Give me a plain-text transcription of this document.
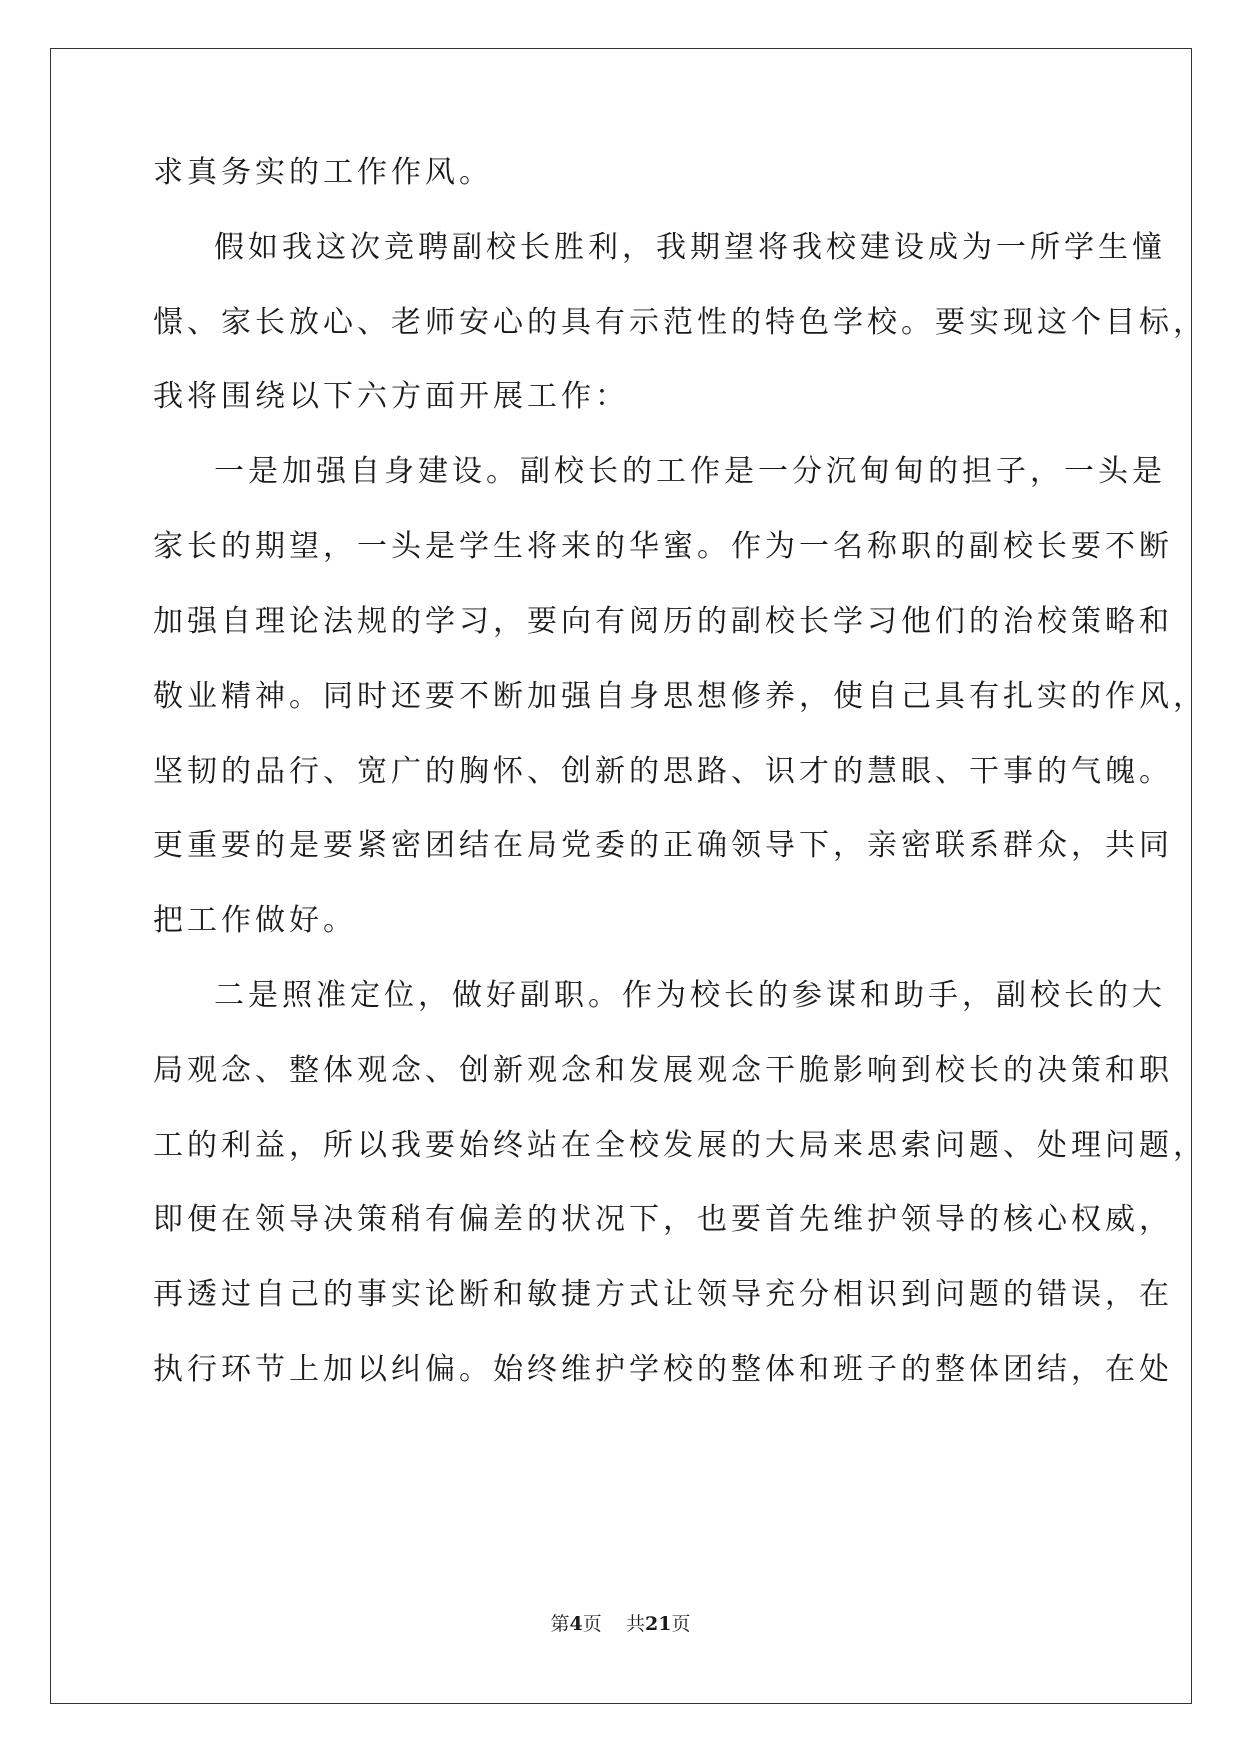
求真务实的工作作风。

假如我这次竞聘副校长胜利，我期望将我校建设成为一所学生憧

憬、家长放心、老师安心的具有示范性的特色学校。要实现这个目标，

我将围绕以下六方面开展工作：

一是加强自身建设。副校长的工作是一分沉甸甸的担子，一头是

家长的期望，一头是学生将来的华蜜。作为一名称职的副校长要不断

加强自理论法规的学习，要向有阅历的副校长学习他们的治校策略和

敬业精神。同时还要不断加强自身思想修养，使自己具有扎实的作风，

坚韧的品行、宽广的胸怀、创新的思路、识才的慧眼、干事的气魄。

更重要的是要紧密团结在局党委的正确领导下，亲密联系群众，共同

把工作做好。

二是照准定位，做好副职。作为校长的参谋和助手，副校长的大

局观念、整体观念、创新观念和发展观念干脆影响到校长的决策和职

工的利益，所以我要始终站在全校发展的大局来思索问题、处理问题，

即便在领导决策稍有偏差的状况下，也要首先维护领导的核心权威，

再透过自己的事实论断和敏捷方式让领导充分相识到问题的错误，在

执行环节上加以纠偏。始终维护学校的整体和班子的整体团结，在处

第4页 共21页
